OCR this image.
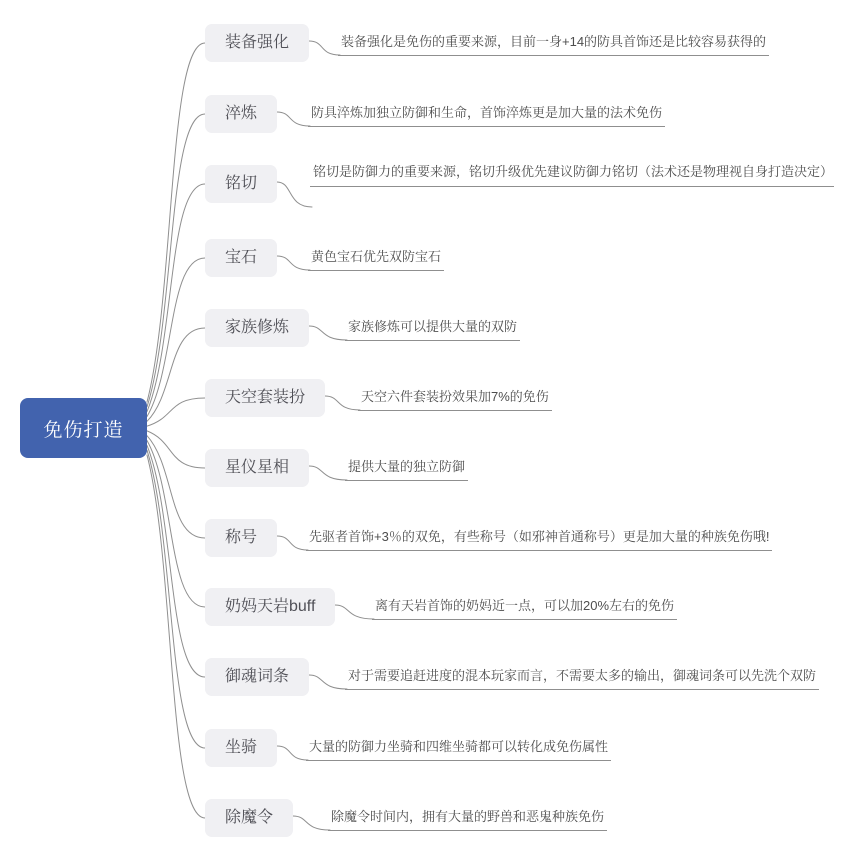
免伤打造
装备强化	装备强化是免伤的重要来源，目前一身+14的防具首饰还是比较容易获得的
淬炼	防具淬炼加独立防御和生命，首饰淬炼更是加大量的法术免伤
铭切
铭切是防御力的重要来源，铭切升级优先建议防御力铭切（法术还是物理视自身打造决定）
宝石	黄色宝石优先双防宝石
家族修炼	家族修炼可以提供大量的双防
天空套装扮	天空六件套装扮效果加7%的免伤
星仪星相	提供大量的独立防御
称号	先驱者首饰+3％的双免，有些称号（如邪神首通称号）更是加大量的种族免伤哦!
奶妈天岩buff	离有天岩首饰的奶妈近一点，可以加20%左右的免伤
御魂词条	对于需要追赶进度的混本玩家而言，不需要太多的输出，御魂词条可以先洗个双防
坐骑	大量的防御力坐骑和四维坐骑都可以转化成免伤属性
除魔令	除魔令时间内，拥有大量的野兽和恶鬼种族免伤
